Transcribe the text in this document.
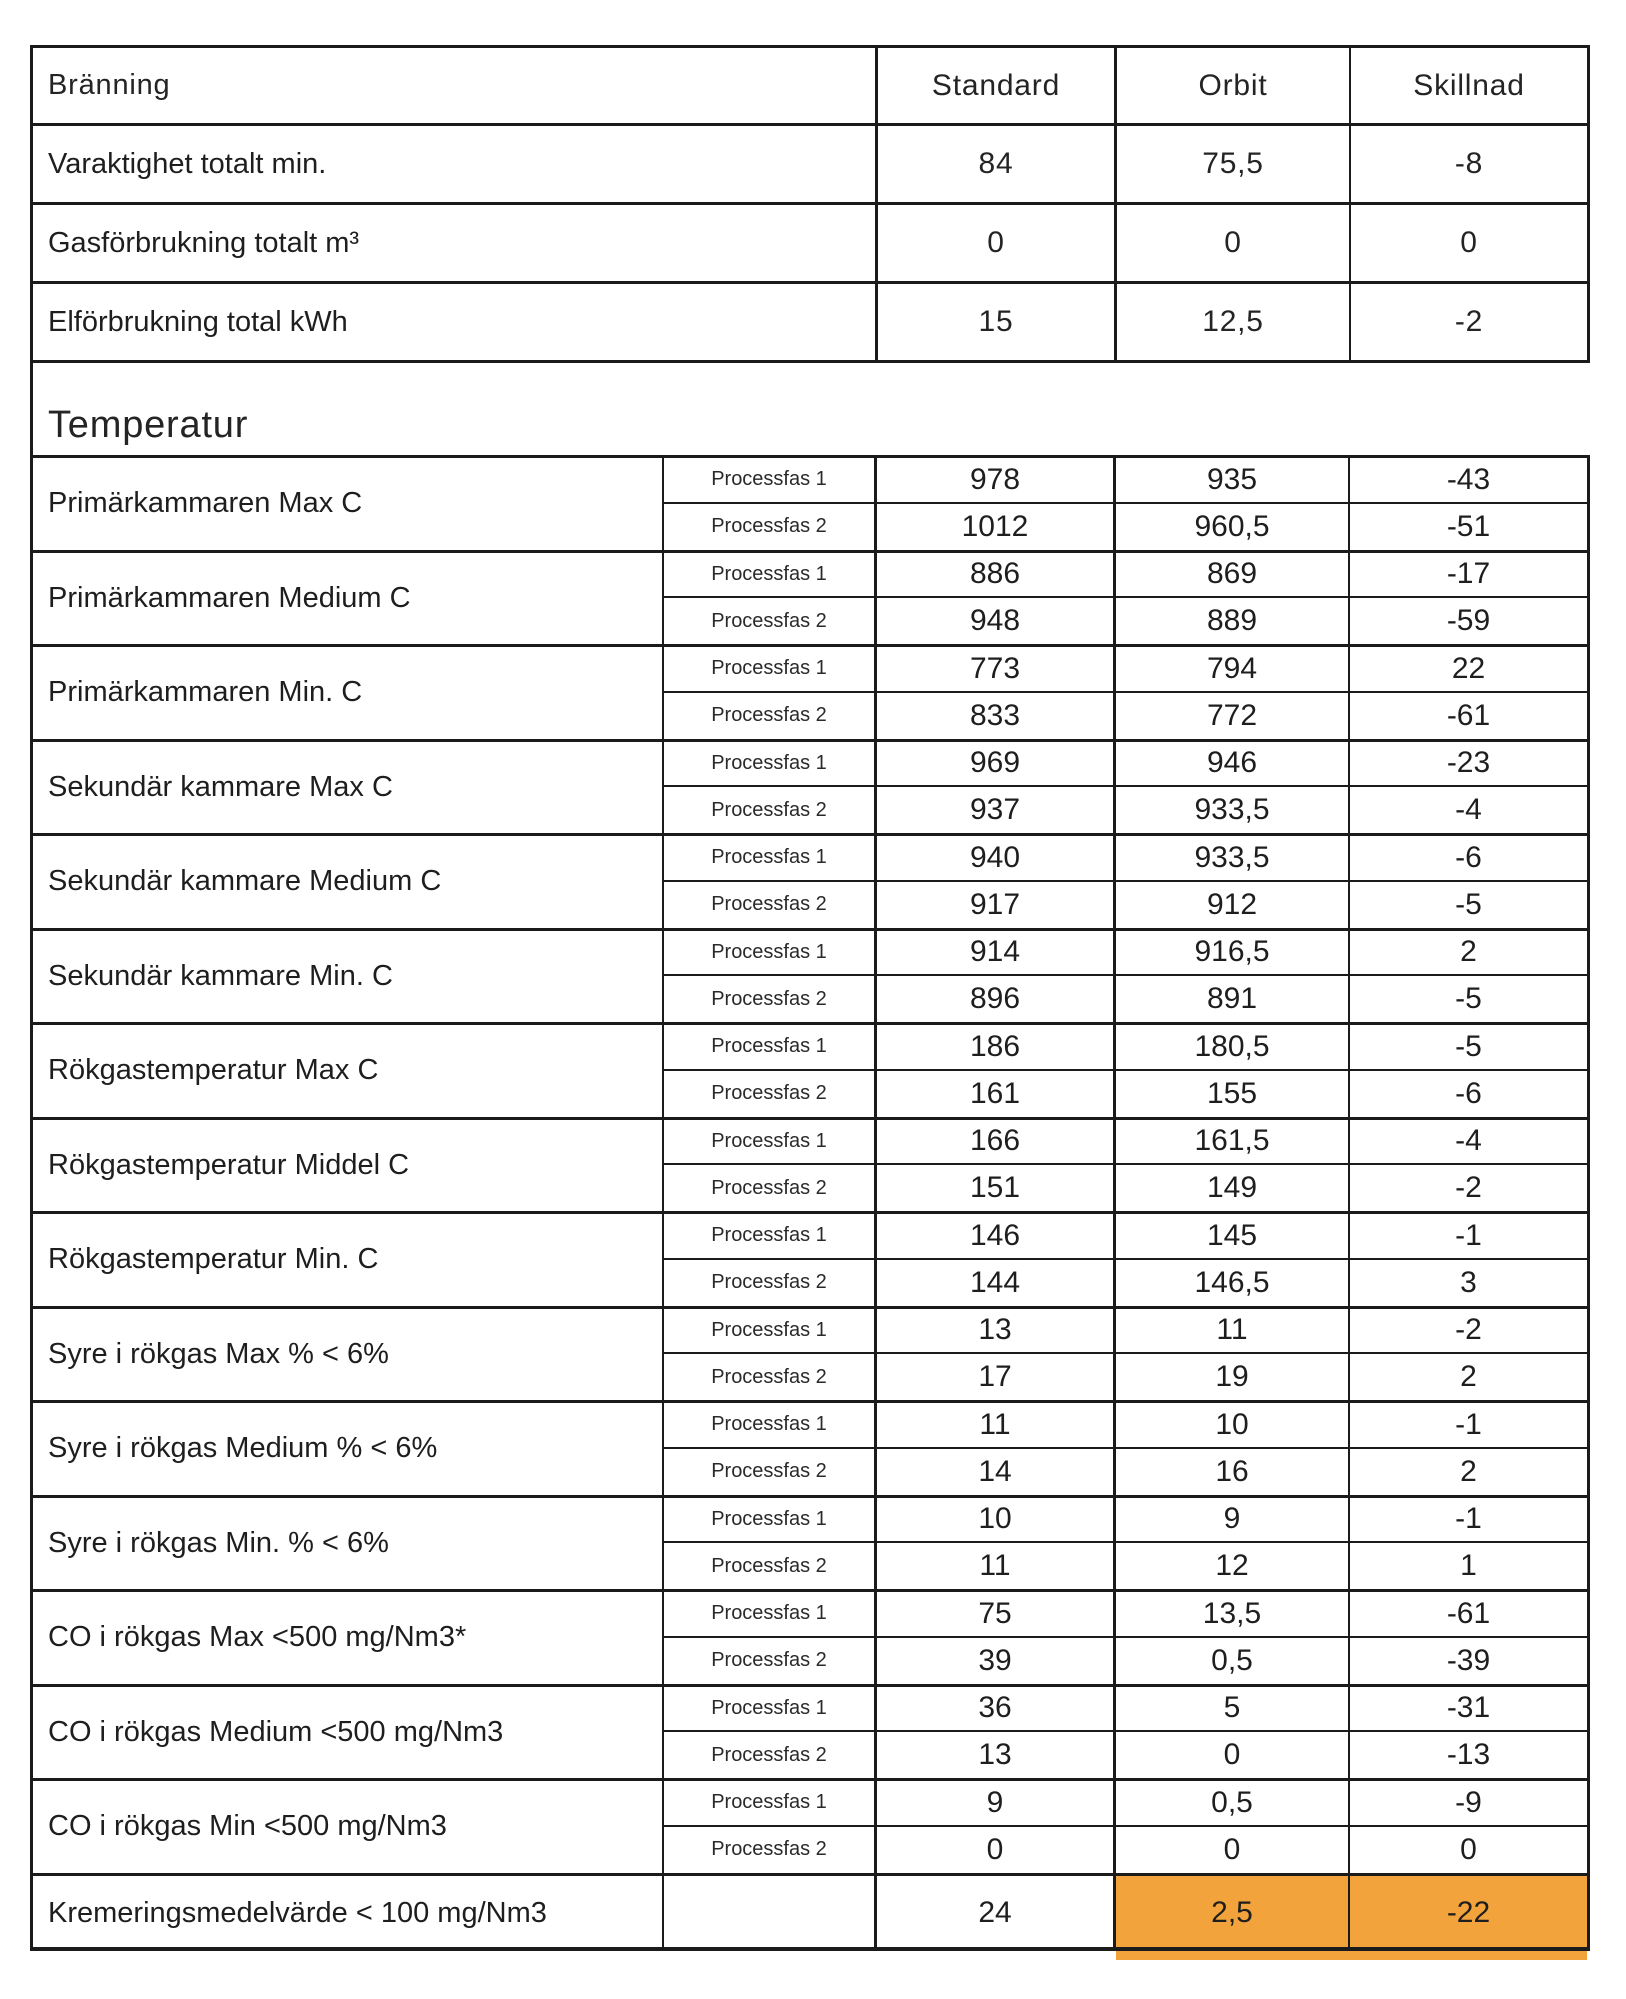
Bränning	Standard	Orbit	Skillnad
Varaktighet totalt min.	84	75,5	-8
Gasförbrukning totalt m³	0	0	0
Elförbrukning total kWh	15	12,5	-2
Temperatur
Primärkammaren Max C
Processfas 1	978	935	-43
Processfas 2	1012	960,5	-51
Primärkammaren Medium C
Processfas 1	886	869	-17
Processfas 2	948	889	-59
Primärkammaren Min. C
Processfas 1	773	794	22
Processfas 2	833	772	-61
Sekundär kammare Max C
Processfas 1	969	946	-23
Processfas 2	937	933,5	-4
Sekundär kammare Medium C
Processfas 1	940	933,5	-6
Processfas 2	917	912	-5
Sekundär kammare Min. C
Processfas 1	914	916,5	2
Processfas 2	896	891	-5
Rökgastemperatur Max C
Processfas 1	186	180,5	-5
Processfas 2	161	155	-6
Rökgastemperatur Middel C
Processfas 1	166	161,5	-4
Processfas 2	151	149	-2
Rökgastemperatur Min. C
Processfas 1	146	145	-1
Processfas 2	144	146,5	3
Syre i rökgas Max % < 6%
Processfas 1	13	11	-2
Processfas 2	17	19	2
Syre i rökgas Medium % < 6%
Processfas 1	11	10	-1
Processfas 2	14	16	2
Syre i rökgas Min. % < 6%
Processfas 1	10	9	-1
Processfas 2	11	12	1
CO i rökgas Max <500 mg/Nm3*
Processfas 1	75	13,5	-61
Processfas 2	39	0,5	-39
CO i rökgas Medium <500 mg/Nm3
Processfas 1	36	5	-31
Processfas 2	13	0	-13
CO i rökgas Min <500 mg/Nm3
Processfas 1	9	0,5	-9
Processfas 2	0	0	0
Kremeringsmedelvärde < 100 mg/Nm3	24	2,5	-22
